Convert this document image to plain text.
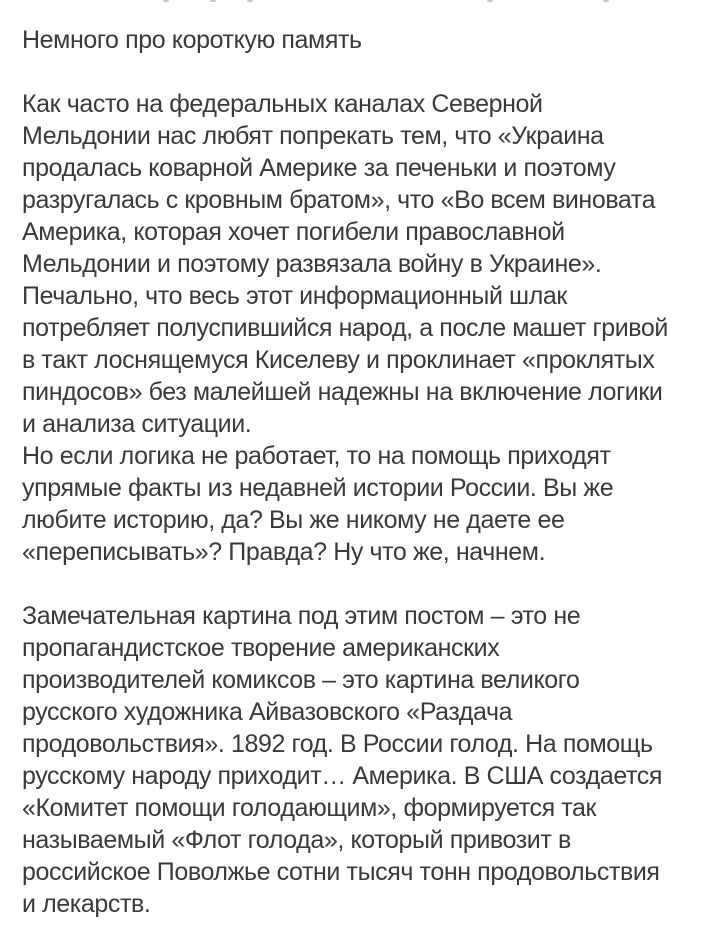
Немного про короткую память
Как часто на федеральных каналах Северной
Мельдонии нас любят попрекать тем, что «Украина
продалась коварной Америке за печеньки и поэтому
разругалась с кровным братом», что «Во всем виновата
Америка, которая хочет погибели православной
Мельдонии и поэтому развязала войну в Украине».
Печально, что весь этот информационный шлак
потребляет полуспившийся народ, а после машет гривой
в такт лоснящемуся Киселеву и проклинает «проклятых
пиндосов» без малейшей надежны на включение логики
и анализа ситуации.
Но если логика не работает, то на помощь приходят
упрямые факты из недавней истории России. Вы же
любите историю, да? Вы же никому не даете ее
«переписывать»? Правда? Ну что же, начнем.
Замечательная картина под этим постом – это не
пропагандистское творение американских
производителей комиксов – это картина великого
русского художника Айвазовского «Раздача
продовольствия». 1892 год. В России голод. На помощь
русскому народу приходит… Америка. В США создается
«Комитет помощи голодающим», формируется так
называемый «Флот голода», который привозит в
российское Поволжье сотни тысяч тонн продовольствия
и лекарств.
